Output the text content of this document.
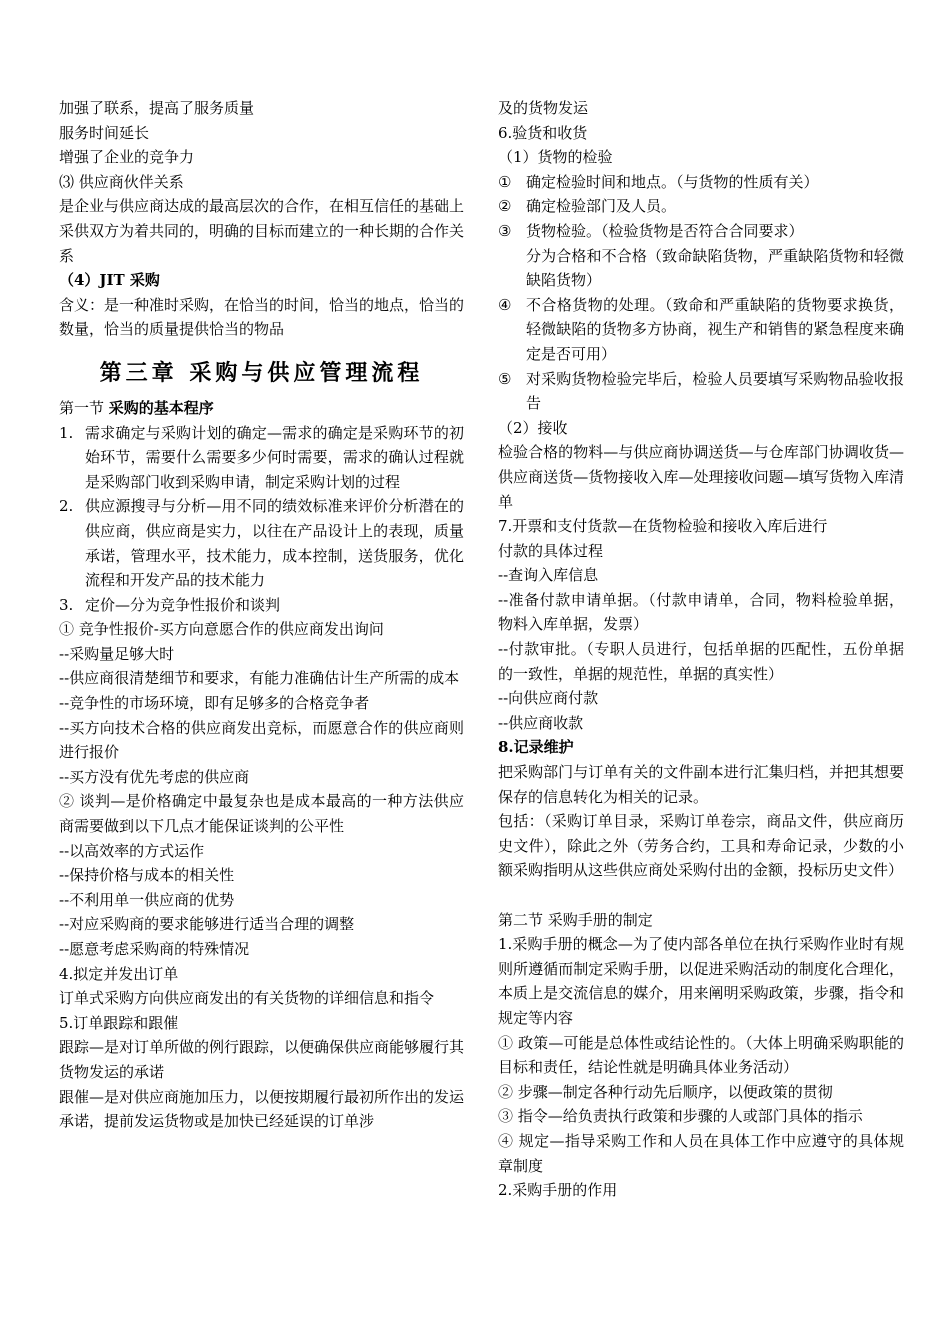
加强了联系，提高了服务质量

服务时间延长

增强了企业的竞争力

⑶ 供应商伙伴关系

是企业与供应商达成的最高层次的合作，在相互信任的基础上采供双方为着共同的，明确的目标而建立的一种长期的合作关系

（4）JIT 采购

含义：是一种准时采购，在恰当的时间，恰当的地点，恰当的数量，恰当的质量提供恰当的物品

第三章 采购与供应管理流程

第一节 采购的基本程序

1. 需求确定与采购计划的确定—需求的确定是采购环节的初始环节，需要什么需要多少何时需要，需求的确认过程就是采购部门收到采购申请，制定采购计划的过程
2. 供应源搜寻与分析—用不同的绩效标准来评价分析潜在的供应商，供应商是实力，以往在产品设计上的表现，质量承诺，管理水平，技术能力，成本控制，送货服务，优化流程和开发产品的技术能力
3. 定价—分为竞争性报价和谈判

① 竞争性报价-买方向意愿合作的供应商发出询问

--采购量足够大时

--供应商很清楚细节和要求，有能力准确估计生产所需的成本

--竞争性的市场环境，即有足够多的合格竞争者

--买方向技术合格的供应商发出竞标，而愿意合作的供应商则进行报价

--买方没有优先考虑的供应商

② 谈判—是价格确定中最复杂也是成本最高的一种方法供应商需要做到以下几点才能保证谈判的公平性

--以高效率的方式运作

--保持价格与成本的相关性

--不利用单一供应商的优势

--对应采购商的要求能够进行适当合理的调整

--愿意考虑采购商的特殊情况

4.拟定并发出订单

订单式采购方向供应商发出的有关货物的详细信息和指令

5.订单跟踪和跟催

跟踪—是对订单所做的例行跟踪，以便确保供应商能够履行其货物发运的承诺

跟催—是对供应商施加压力，以便按期履行最初所作出的发运承诺，提前发运货物或是加快已经延误的订单涉

及的货物发运

6.验货和收货

（1）货物的检验

① 确定检验时间和地点。（与货物的性质有关）
② 确定检验部门及人员。
③ 货物检验。（检验货物是否符合合同要求）

分为合格和不合格（致命缺陷货物，严重缺陷货物和轻微缺陷货物）

④ 不合格货物的处理。（致命和严重缺陷的货物要求换货，轻微缺陷的货物多方协商，视生产和销售的紧急程度来确定是否可用）
⑤ 对采购货物检验完毕后，检验人员要填写采购物品验收报告

（2）接收

检验合格的物料—与供应商协调送货—与仓库部门协调收货—供应商送货—货物接收入库—处理接收问题—填写货物入库清单

7.开票和支付货款—在货物检验和接收入库后进行

付款的具体过程

--查询入库信息

--准备付款申请单据。（付款申请单，合同，物料检验单据，物料入库单据，发票）

--付款审批。（专职人员进行，包括单据的匹配性，五份单据的一致性，单据的规范性，单据的真实性）

--向供应商付款

--供应商收款

8.记录维护

把采购部门与订单有关的文件副本进行汇集归档，并把其想要保存的信息转化为相关的记录。

包括：（采购订单目录，采购订单卷宗，商品文件，供应商历史文件），除此之外（劳务合约，工具和寿命记录，少数的小额采购指明从这些供应商处采购付出的金额，投标历史文件）

第二节 采购手册的制定

1.采购手册的概念—为了使内部各单位在执行采购作业时有规则所遵循而制定采购手册，以促进采购活动的制度化合理化，本质上是交流信息的媒介，用来阐明采购政策，步骤，指令和规定等内容

① 政策—可能是总体性或结论性的。（大体上明确采购职能的目标和责任，结论性就是明确具体业务活动）

② 步骤—制定各种行动先后顺序，以便政策的贯彻

③ 指令—给负责执行政策和步骤的人或部门具体的指示

④ 规定—指导采购工作和人员在具体工作中应遵守的具体规章制度

2.采购手册的作用
